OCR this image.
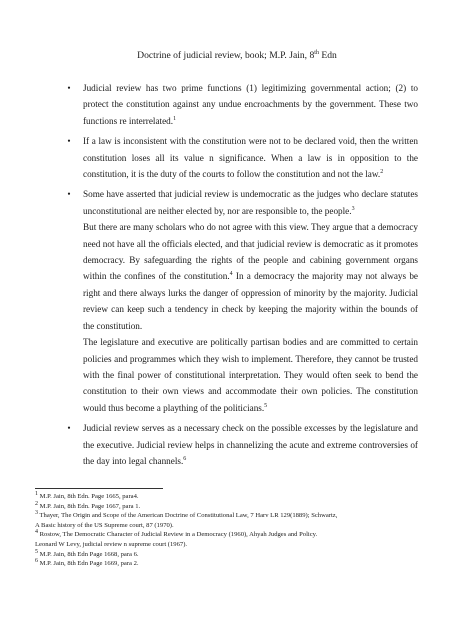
Doctrine of judicial review, book; M.P. Jain, 8th Edn
• Judicial review has two prime functions (1) legitimizing governmental action; (2) to protect the constitution against any undue encroachments by the government. These two functions re interrelated.$^1$

• If a law is inconsistent with the constitution were not to be declared void, then the written constitution loses all its value n significance. When a law is in opposition to the constitution, it is the duty of the courts to follow the constitution and not the law.$^2$

• Some have asserted that judicial review is undemocratic as the judges who declare statutes unconstitutional are neither elected by, nor are responsible to, the people.$^3$

But there are many scholars who do not agree with this view. They argue that a democracy need not have all the officials elected, and that judicial review is democratic as it promotes democracy. By safeguarding the rights of the people and cabining government organs within the confines of the constitution.$^4$ In a democracy the majority may not always be right and there always lurks the danger of oppression of minority by the majority. Judicial review can keep such a tendency in check by keeping the majority within the bounds of the constitution.

The legislature and executive are politically partisan bodies and are committed to certain policies and programmes which they wish to implement. Therefore, they cannot be trusted with the final power of constitutional interpretation. They would often seek to bend the constitution to their own views and accommodate their own policies. The constitution would thus become a plaything of the politicians.$^5$

• Judicial review serves as a necessary check on the possible excesses by the legislature and the executive. Judicial review helps in channelizing the acute and extreme controversies of the day into legal channels.$^6$

$^1$ M.P. Jain, 8th Edn. Page 1665, para4.

$^2$ M.P. Jain, 8th Edn. Page 1667, para 1.

$^3$ Thayer, The Origin and Scope of the American Doctrine of Constitutional Law, 7 Harv LR 129(1889); Schwartz,

A Basic history of the US Supreme court, 87 (1970).

$^4$ Rostow, The Democratic Character of Judicial Review in a Democracy (1960), Ahyah Judges and Policy.

Leonard W Levy, judicial review n supreme court (1967).

$^5$ M.P. Jain, 8th Edn Page 1668, para 6.

$^6$ M.P. Jain, 8th Edn Page 1669, para 2.
